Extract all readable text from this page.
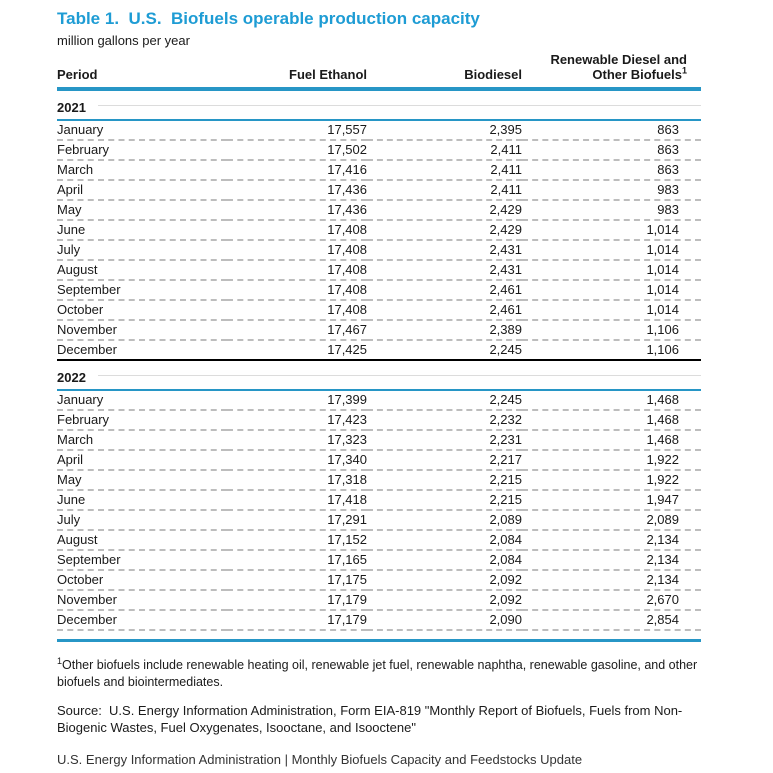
Table 1.  U.S.  Biofuels operable production capacity
million gallons per year
Period	Fuel Ethanol	Biodiesel	Renewable Diesel and
Other Biofuels$^1$

2021			

January	17,557	2,395	863
February	17,502	2,411	863
March	17,416	2,411	863
April	17,436	2,411	983
May	17,436	2,429	983
June	17,408	2,429	1,014
July	17,408	2,431	1,014
August	17,408	2,431	1,014
September	17,408	2,461	1,014
October	17,408	2,461	1,014
November	17,467	2,389	1,106
December	17,425	2,245	1,106

2022			

January	17,399	2,245	1,468
February	17,423	2,232	1,468
March	17,323	2,231	1,468
April	17,340	2,217	1,922
May	17,318	2,215	1,922
June	17,418	2,215	1,947
July	17,291	2,089	2,089
August	17,152	2,084	2,134
September	17,165	2,084	2,134
October	17,175	2,092	2,134
November	17,179	2,092	2,670
December	17,179	2,090	2,854

$^1$Other biofuels include renewable heating oil, renewable jet fuel, renewable naphtha, renewable gasoline, and other biofuels and biointermediates.

Source:  U.S. Energy Information Administration, Form EIA-819 "Monthly Report of Biofuels, Fuels from Non-Biogenic Wastes, Fuel Oxygenates, Isooctane, and Isooctene"

U.S. Energy Information Administration | Monthly Biofuels Capacity and Feedstocks Update
